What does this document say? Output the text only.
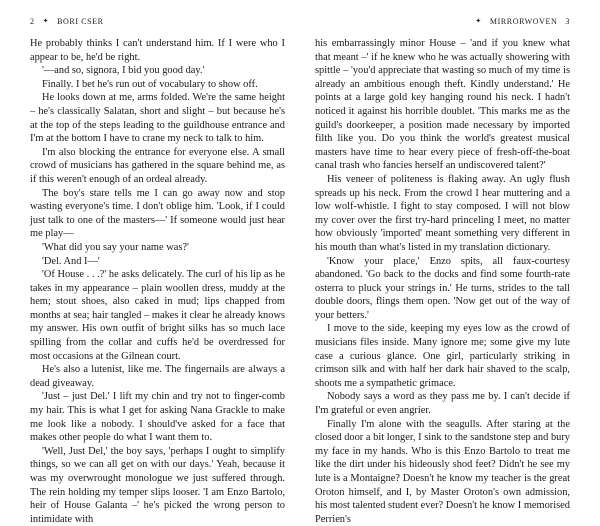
2 ✦ BORI CSER

He probably thinks I can't understand him. If I were who I appear to be, he'd be right.

'—and so, signora, I bid you good day.'

Finally. I bet he's run out of vocabulary to show off.

He looks down at me, arms folded. We're the same height – he's classically Salatan, short and slight – but because he's at the top of the steps leading to the guildhouse entrance and I'm at the bottom I have to crane my neck to talk to him.

I'm also blocking the entrance for everyone else. A small crowd of musicians has gathered in the square behind me, as if this weren't enough of an ordeal already.

The boy's stare tells me I can go away now and stop wasting everyone's time. I don't oblige him. 'Look, if I could just talk to one of the masters—' If someone would just hear me play—

'What did you say your name was?'

'Del. And I—'

'Of House . . .?' he asks delicately. The curl of his lip as he takes in my appearance – plain woollen dress, muddy at the hem; stout shoes, also caked in mud; lips chapped from months at sea; hair tangled – makes it clear he already knows my answer. His own outfit of bright silks has so much lace spilling from the collar and cuffs he'd be overdressed for most occasions at the Gilnean court.

He's also a lutenist, like me. The fingernails are always a dead giveaway.

'Just – just Del.' I lift my chin and try not to finger-comb my hair. This is what I get for asking Nana Grackle to make me look like a nobody. I should've asked for a face that makes other people do what I want them to.

'Well, Just Del,' the boy says, 'perhaps I ought to simplify things, so we can all get on with our days.' Yeah, because it was my overwrought monologue we just suffered through. The rein holding my temper slips looser. 'I am Enzo Bartolo, heir of House Galanta –' he's picked the wrong person to intimidate with

✦ MIRRORWOVEN 3

his embarrassingly minor House – 'and if you knew what that meant –' if he knew who he was actually showering with spittle – 'you'd appreciate that wasting so much of my time is already an ambitious enough theft. Kindly understand.' He points at a large gold key hanging round his neck. I hadn't noticed it against his horrible doublet. 'This marks me as the guild's doorkeeper, a position made necessary by imported filth like you. Do you think the world's greatest musical masters have time to hear every piece of fresh-off-the-boat canal trash who fancies herself an undiscovered talent?'

His veneer of politeness is flaking away. An ugly flush spreads up his neck. From the crowd I hear muttering and a low wolf-whistle. I fight to stay composed. I will not blow my cover over the first try-hard princeling I meet, no matter how obviously 'imported' meant something very different in his mouth than what's listed in my translation dictionary.

'Know your place,' Enzo spits, all faux-courtesy abandoned. 'Go back to the docks and find some fourth-rate osterra to pluck your strings in.' He turns, strides to the tall double doors, flings them open. 'Now get out of the way of your betters.'

I move to the side, keeping my eyes low as the crowd of musicians files inside. Many ignore me; some give my lute case a curious glance. One girl, particularly striking in crimson silk and with half her dark hair shaved to the scalp, shoots me a sympathetic grimace.

Nobody says a word as they pass me by. I can't decide if I'm grateful or even angrier.

Finally I'm alone with the seagulls. After staring at the closed door a bit longer, I sink to the sandstone step and bury my face in my hands. Who is this Enzo Bartolo to treat me like the dirt under his hideously shod feet? Didn't he see my lute is a Montaigne? Doesn't he know my teacher is the great Oroton himself, and I, by Master Oroton's own admission, his most talented student ever? Doesn't he know I memorised Perrien's
